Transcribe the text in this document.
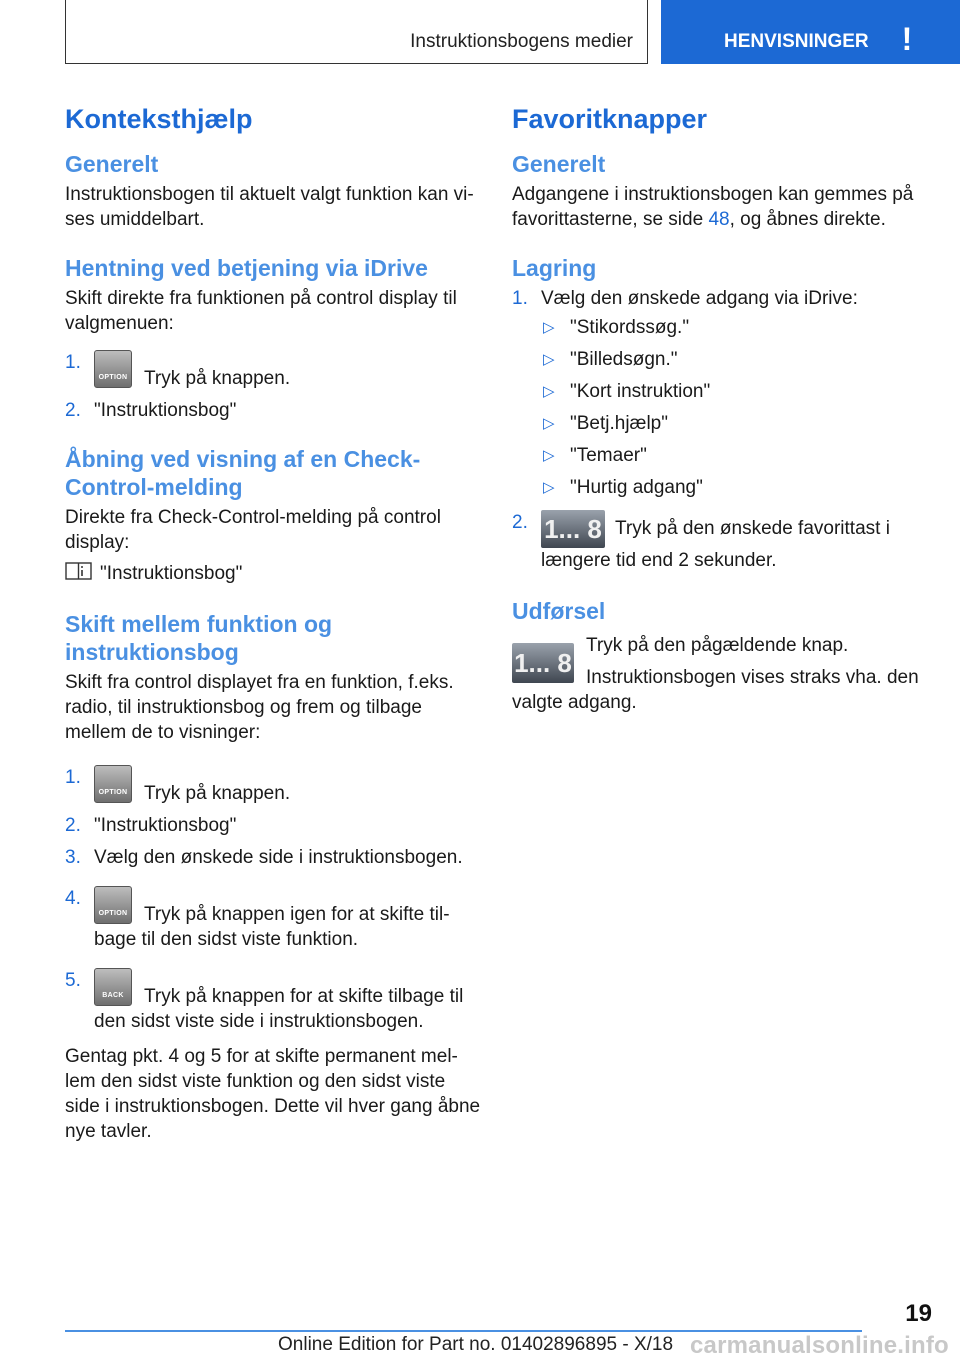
Instruktionsbogens medier	HENVISNINGER	!
Konteksthjælp
Generelt

Instruktionsbogen til aktuelt valgt funktion kan vises umiddelbart.

Hentning ved betjening via iDrive

Skift direkte fra funktionen på control display til valgmenuen:

1.
OPTION Tryk på knappen.
2. "Instruktionsbog"
Åbning ved visning af en Check-Control-melding

Direkte fra Check-Control-melding på control display:

"Instruktionsbog"
Skift mellem funktion og instruktionsbog

Skift fra control displayet fra en funktion, f.eks. radio, til instruktionsbog og frem og tilbage mellem de to visninger:

1.
OPTION Tryk på knappen.
2. "Instruktionsbog"
3. Vælg den ønskede side i instruktionsbogen.
4.
OPTION Tryk på knappen igen for at skifte tilbage til den sidst viste funktion.
5.
BACK	Tryk på knappen for at skifte tilbage til den sidst viste side i instruktionsbogen.

Gentag pkt. 4 og 5 for at skifte permanent mellem den sidst viste funktion og den sidst viste side i instruktionsbogen. Dette vil hver gang åbne nye tavler.

Favoritknapper
Generelt

Adgangene i instruktionsbogen kan gemmes på favorittasterne, se side 48, og åbnes direkte.

Lagring
1. Vælg den ønskede adgang via iDrive:
▷ "Stikordssøg."
▷ "Billedsøgn."
▷ "Kort instruktion"
▷ "Betj.hjælp"
▷ "Temaer"
▷ "Hurtig adgang"
2. 1... 8 Tryk på den ønskede favorittast i længere tid end 2 sekunder.
Udførsel
1... 8

Tryk på den pågældende knap.

Instruktionsbogen vises straks vha. den valgte adgang.

19
Online Edition for Part no. 01402896895 - X/18 carmanualsonline.info
